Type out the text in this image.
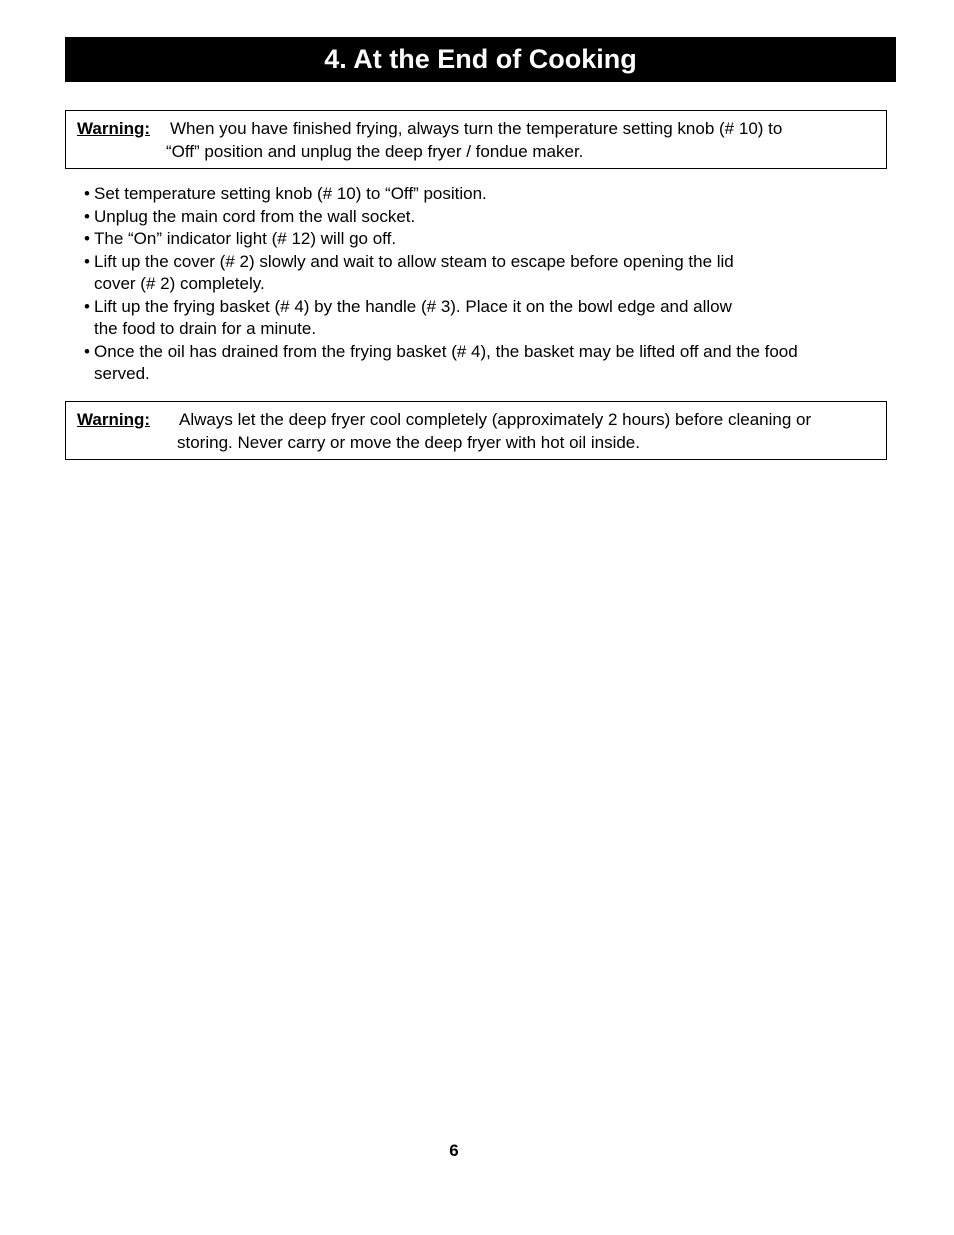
4. At the End of Cooking
Warning: When you have finished frying, always turn the temperature setting knob (# 10) to
“Off” position and unplug the deep fryer / fondue maker.
• Set temperature setting knob (# 10) to “Off” position.
• Unplug the main cord from the wall socket.
• The “On” indicator light (# 12) will go off.
• Lift up the cover (# 2) slowly and wait to allow steam to escape before opening the lid
cover (# 2) completely.
• Lift up the frying basket (# 4) by the handle (# 3). Place it on the bowl edge and allow
the food to drain for a minute.
• Once the oil has drained from the frying basket (# 4), the basket may be lifted off and the food
served.
Warning: Always let the deep fryer cool completely (approximately 2 hours) before cleaning or
storing. Never carry or move the deep fryer with hot oil inside.
6
